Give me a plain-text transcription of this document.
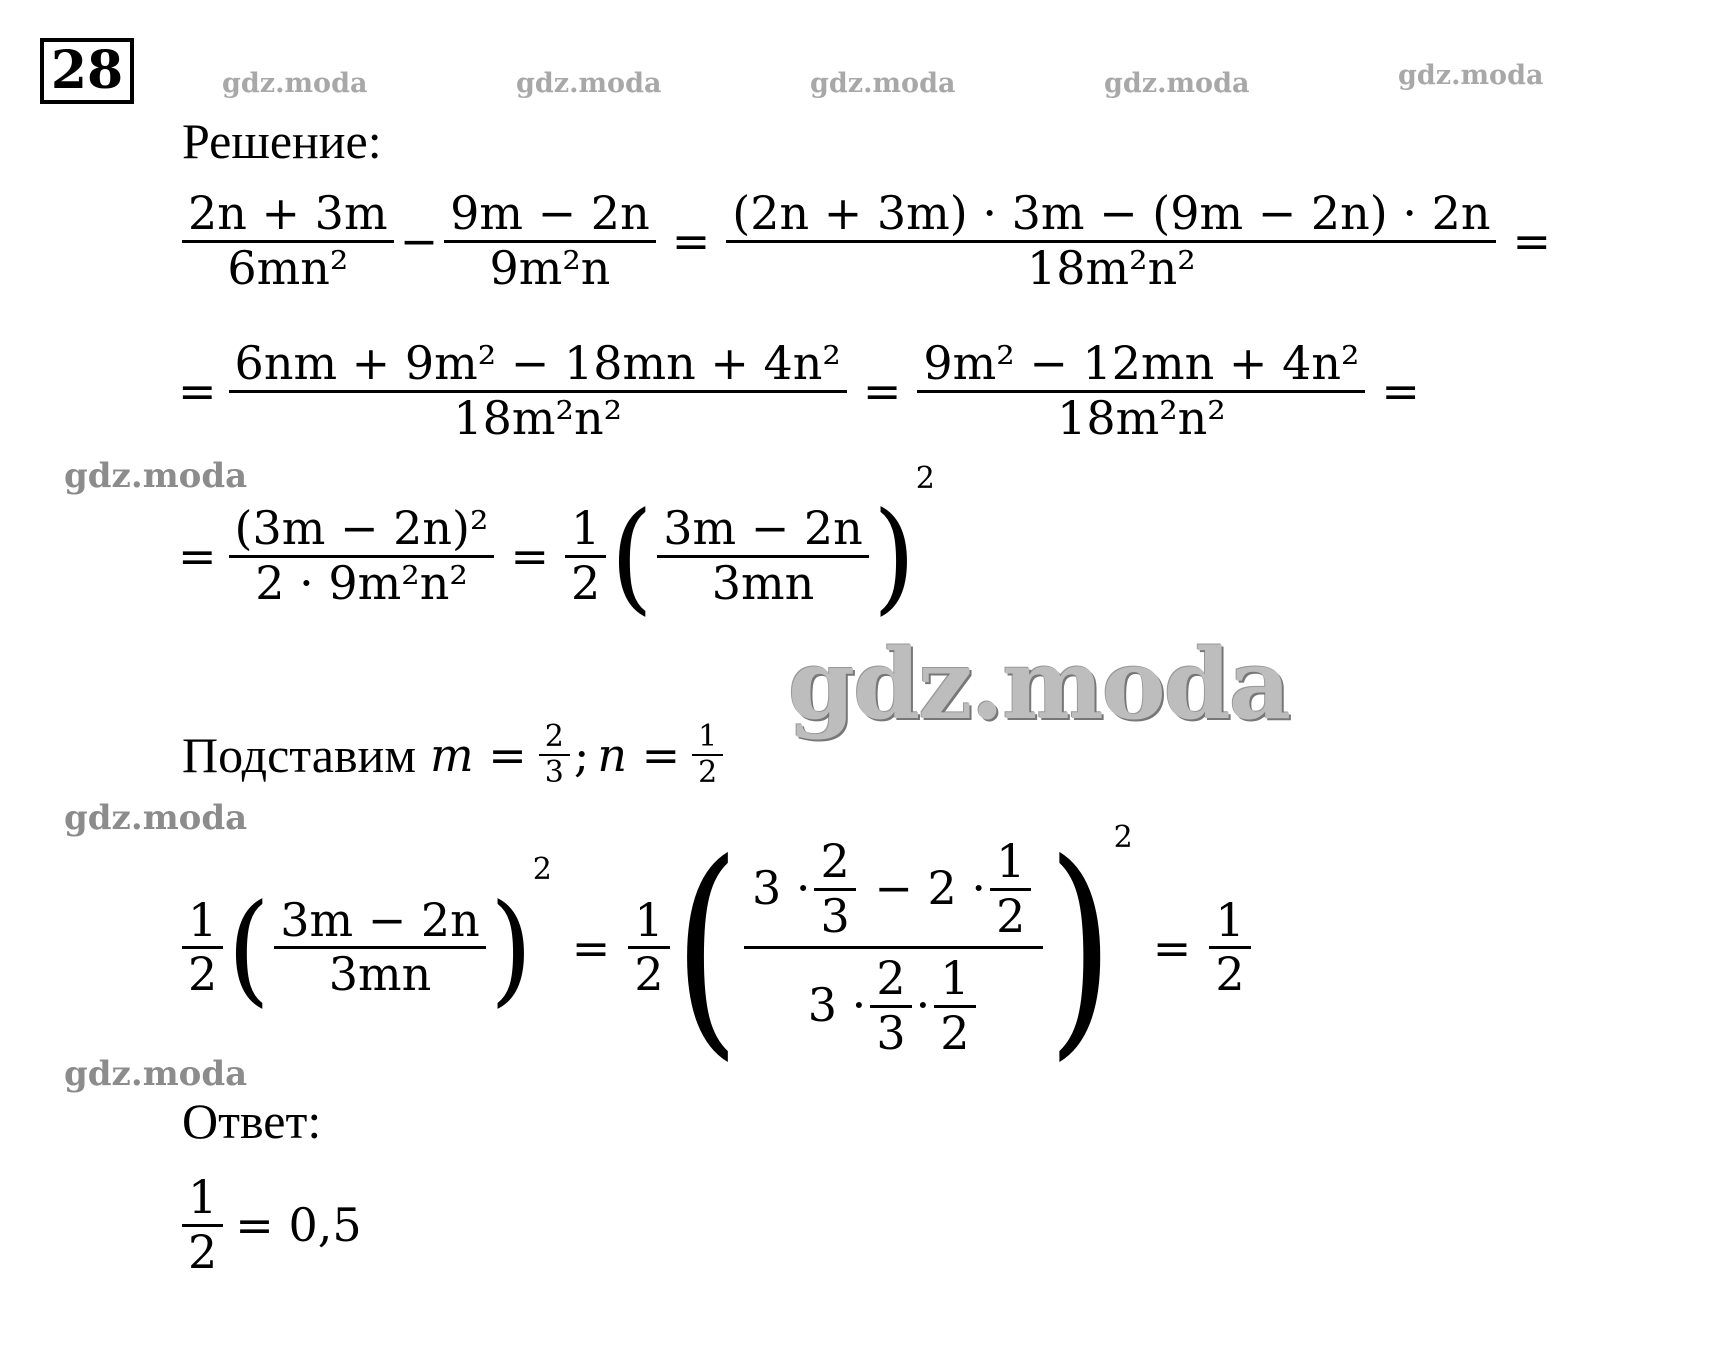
28	gdz.moda	gdz.moda	gdz.moda	gdz.moda	gdz.moda
gdz.moda
gdz.moda
gdz.moda
gdz.moda
Решение:
$\frac{2n + 3m}{\text{6mn²}} - \frac{9m - 2n}{\text{9m²n}} = \frac{(2n + 3m) \cdot 3m - (9m - 2n) \cdot 2n}{\text{18m²n²}}$ =
= $\frac{\text{6nm + 9m² − 18mn + 4n²}}{\text{18m²n²}} = \frac{\text{9m² − 12mn + 4n²}}{\text{18m²n²}}$ =
= $\frac{\text{(3m − 2n)²}}{\text{2 · 9m²n²}} = \frac{1}{2}$ ( $\frac{3m - 2n}{3mn}$ )
2
Подставим $m = \frac{2}{3}$ ; $n = \frac{1}{2}$
$\frac{1}{2}$ ( $\frac{3m - 2n}{3mn}$ )
2
= $\frac{1}{2}$ ( $\frac{3 \cdot \frac{2}{3} - 2 \cdot \frac{1}{2}}{3 \cdot \frac{2}{3} \cdot \frac{1}{2}}$ ) 2
= $\frac{1}{2}$
Ответ:
$\frac{1}{2} = 0,5$
